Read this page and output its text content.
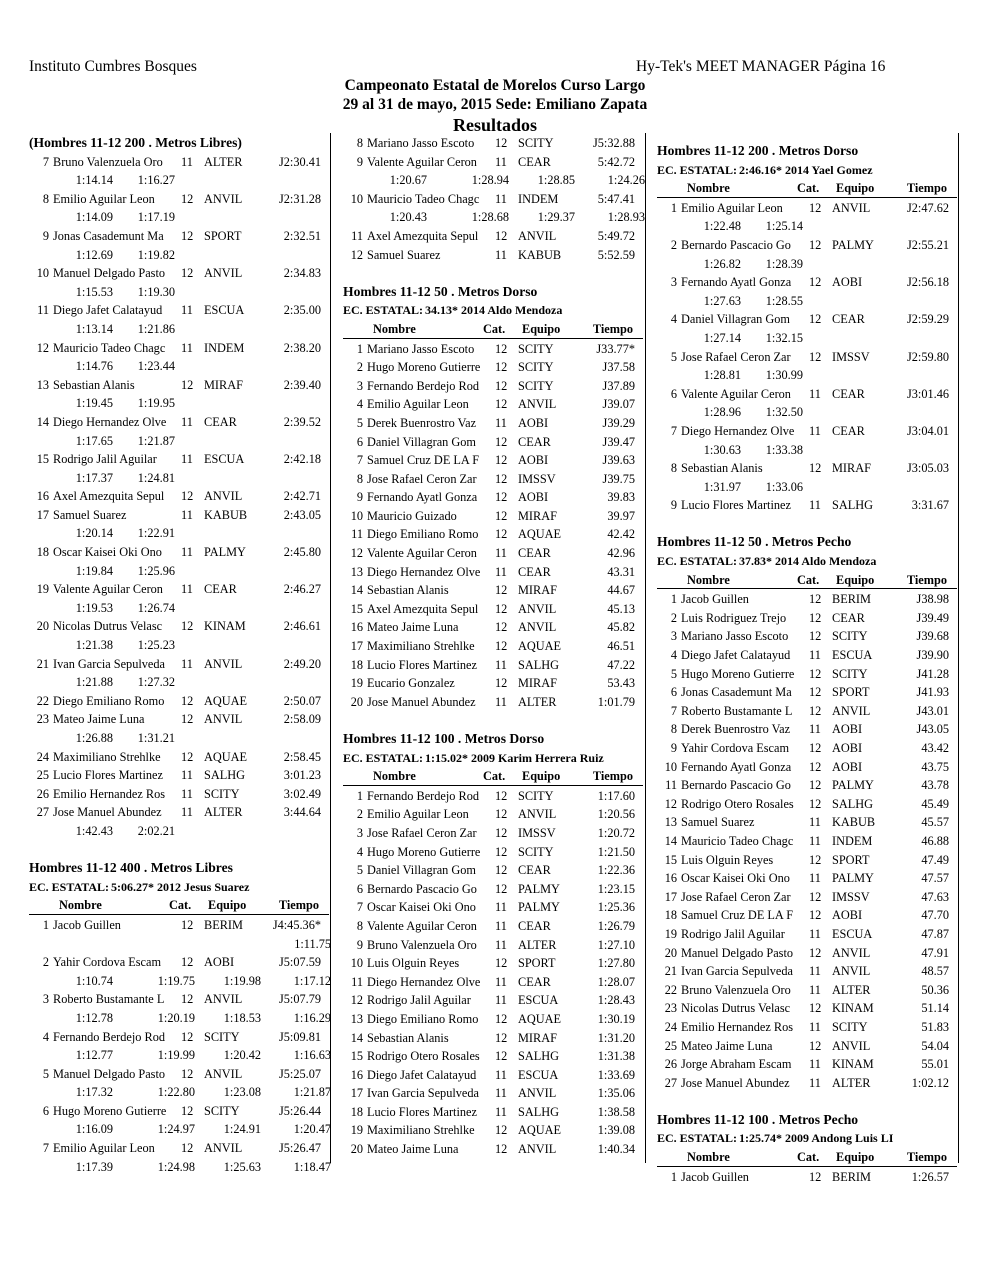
Instituto Cumbres Bosques	Hy-Tek's MEET MANAGER Página 16
Campeonato Estatal de Morelos Curso Largo
29 al 31 de mayo, 2015 Sede: Emiliano Zapata
Resultados
(Hombres 11-12 200 . Metros Libres)
7 Bruno Valenzuela Oro	11 ALTER	J2:30.41
1:14.14 1:16.27
8 Emilio Aguilar Leon	12 ANVIL	J2:31.28
1:14.09 1:17.19
9 Jonas Casademunt Ma	12 SPORT	2:32.51
1:12.69 1:19.82
10 Manuel Delgado Pasto	12 ANVIL	2:34.83
1:15.53 1:19.30
11 Diego Jafet Calatayud	11 ESCUA	2:35.00
1:13.14 1:21.86
12 Mauricio Tadeo Chagc	11 INDEM	2:38.20
1:14.76 1:23.44
13 Sebastian Alanis	12 MIRAF	2:39.40
1:19.45 1:19.95
14 Diego Hernandez Olve	11 CEAR	2:39.52
1:17.65 1:21.87
15 Rodrigo Jalil Aguilar	11 ESCUA	2:42.18
1:17.37 1:24.81
16 Axel Amezquita Sepul	12 ANVIL	2:42.71
17 Samuel Suarez	11 KABUB	2:43.05
1:20.14 1:22.91
18 Oscar Kaisei Oki Ono	11 PALMY	2:45.80
1:19.84 1:25.96
19 Valente Aguilar Ceron	11 CEAR	2:46.27
1:19.53 1:26.74
20 Nicolas Dutrus Velasc	12 KINAM	2:46.61
1:21.38 1:25.23
21 Ivan Garcia Sepulveda	11 ANVIL	2:49.20
1:21.88 1:27.32
22 Diego Emiliano Romo	12 AQUAE	2:50.07
23 Mateo Jaime Luna	12 ANVIL	2:58.09
1:26.88 1:31.21
24 Maximiliano Strehlke	12 AQUAE	2:58.45
25 Lucio Flores Martinez	11 SALHG	3:01.23
26 Emilio Hernandez Ros	11 SCITY	3:02.49
27 Jose Manuel Abundez	11 ALTER	3:44.64
1:42.43 2:02.21
Hombres 11-12 400 . Metros Libres
EC. ESTATAL: 5:06.27* 2012 Jesus Suarez
Nombre	Cat. Equipo	Tiempo
1 Jacob Guillen	12 BERIM J4:45.36*
1:11.75
2 Yahir Cordova Escam	12 AOBI	J5:07.59
1:10.74	1:19.75 1:19.98	1:17.12
3 Roberto Bustamante L	12 ANVIL	J5:07.79
1:12.78	1:20.19 1:18.53	1:16.29
4 Fernando Berdejo Rod	12 SCITY	J5:09.81
1:12.77	1:19.99 1:20.42	1:16.63
5 Manuel Delgado Pasto	12 ANVIL	J5:25.07
1:17.32	1:22.80 1:23.08	1:21.87
6 Hugo Moreno Gutierre	12 SCITY	J5:26.44
1:16.09	1:24.97 1:24.91	1:20.47
7 Emilio Aguilar Leon	12 ANVIL	J5:26.47
1:17.39	1:24.98 1:25.63	1:18.47
8 Mariano Jasso Escoto	12 SCITY	J5:32.88
9 Valente Aguilar Ceron	11 CEAR	5:42.72
1:20.67	1:28.94 1:28.85	1:24.26
10 Mauricio Tadeo Chagc	11 INDEM	5:47.41
1:20.43	1:28.68 1:29.37	1:28.93
11 Axel Amezquita Sepul	12 ANVIL	5:49.72
12 Samuel Suarez	11 KABUB	5:52.59
Hombres 11-12 50 . Metros Dorso
EC. ESTATAL: 34.13* 2014 Aldo Mendoza
Nombre	Cat. Equipo	Tiempo
1 Mariano Jasso Escoto	12 SCITY	J33.77*
2 Hugo Moreno Gutierre	12 SCITY	J37.58
3 Fernando Berdejo Rod	12 SCITY	J37.89
4 Emilio Aguilar Leon	12 ANVIL	J39.07
5 Derek Buenrostro Vaz	11 AOBI	J39.29
6 Daniel Villagran Gom	12 CEAR	J39.47
7 Samuel Cruz DE LA F	12 AOBI	J39.63
8 Jose Rafael Ceron Zar	12 IMSSV	J39.75
9 Fernando Ayatl Gonza	12 AOBI	39.83
10 Mauricio Guizado	12 MIRAF	39.97
11 Diego Emiliano Romo	12 AQUAE	42.42
12 Valente Aguilar Ceron	11 CEAR	42.96
13 Diego Hernandez Olve	11 CEAR	43.31
14 Sebastian Alanis	12 MIRAF	44.67
15 Axel Amezquita Sepul	12 ANVIL	45.13
16 Mateo Jaime Luna	12 ANVIL	45.82
17 Maximiliano Strehlke	12 AQUAE	46.51
18 Lucio Flores Martinez	11 SALHG	47.22
19 Eucario Gonzalez	12 MIRAF	53.43
20 Jose Manuel Abundez	11 ALTER	1:01.79
Hombres 11-12 100 . Metros Dorso
EC. ESTATAL: 1:15.02* 2009 Karim Herrera Ruiz
Nombre	Cat. Equipo	Tiempo
1 Fernando Berdejo Rod	12 SCITY	1:17.60
2 Emilio Aguilar Leon	12 ANVIL	1:20.56
3 Jose Rafael Ceron Zar	12 IMSSV	1:20.72
4 Hugo Moreno Gutierre	12 SCITY	1:21.50
5 Daniel Villagran Gom	12 CEAR	1:22.36
6 Bernardo Pascacio Go	12 PALMY	1:23.15
7 Oscar Kaisei Oki Ono	11 PALMY	1:25.36
8 Valente Aguilar Ceron	11 CEAR	1:26.79
9 Bruno Valenzuela Oro	11 ALTER	1:27.10
10 Luis Olguin Reyes	12 SPORT	1:27.80
11 Diego Hernandez Olve	11 CEAR	1:28.07
12 Rodrigo Jalil Aguilar	11 ESCUA	1:28.43
13 Diego Emiliano Romo	12 AQUAE	1:30.19
14 Sebastian Alanis	12 MIRAF	1:31.20
15 Rodrigo Otero Rosales	12 SALHG	1:31.38
16 Diego Jafet Calatayud	11 ESCUA	1:33.69
17 Ivan Garcia Sepulveda	11 ANVIL	1:35.06
18 Lucio Flores Martinez	11 SALHG	1:38.58
19 Maximiliano Strehlke	12 AQUAE	1:39.08
20 Mateo Jaime Luna	12 ANVIL	1:40.34
Hombres 11-12 200 . Metros Dorso
EC. ESTATAL: 2:46.16* 2014 Yael Gomez
Nombre	Cat. Equipo	Tiempo
1 Emilio Aguilar Leon	12 ANVIL	J2:47.62
1:22.48 1:25.14
2 Bernardo Pascacio Go	12 PALMY	J2:55.21
1:26.82 1:28.39
3 Fernando Ayatl Gonza	12 AOBI	J2:56.18
1:27.63 1:28.55
4 Daniel Villagran Gom	12 CEAR	J2:59.29
1:27.14 1:32.15
5 Jose Rafael Ceron Zar	12 IMSSV	J2:59.80
1:28.81 1:30.99
6 Valente Aguilar Ceron	11 CEAR	J3:01.46
1:28.96 1:32.50
7 Diego Hernandez Olve	11 CEAR	J3:04.01
1:30.63 1:33.38
8 Sebastian Alanis	12 MIRAF	J3:05.03
1:31.97 1:33.06
9 Lucio Flores Martinez	11 SALHG	3:31.67
Hombres 11-12 50 . Metros Pecho
EC. ESTATAL: 37.83* 2014 Aldo Mendoza
Nombre	Cat. Equipo	Tiempo
1 Jacob Guillen	12 BERIM	J38.98
2 Luis Rodriguez Trejo	12 CEAR	J39.49
3 Mariano Jasso Escoto	12 SCITY	J39.68
4 Diego Jafet Calatayud	11 ESCUA	J39.90
5 Hugo Moreno Gutierre	12 SCITY	J41.28
6 Jonas Casademunt Ma	12 SPORT	J41.93
7 Roberto Bustamante L	12 ANVIL	J43.01
8 Derek Buenrostro Vaz	11 AOBI	J43.05
9 Yahir Cordova Escam	12 AOBI	43.42
10 Fernando Ayatl Gonza	12 AOBI	43.75
11 Bernardo Pascacio Go	12 PALMY	43.78
12 Rodrigo Otero Rosales	12 SALHG	45.49
13 Samuel Suarez	11 KABUB	45.57
14 Mauricio Tadeo Chagc	11 INDEM	46.88
15 Luis Olguin Reyes	12 SPORT	47.49
16 Oscar Kaisei Oki Ono	11 PALMY	47.57
17 Jose Rafael Ceron Zar	12 IMSSV	47.63
18 Samuel Cruz DE LA F	12 AOBI	47.70
19 Rodrigo Jalil Aguilar	11 ESCUA	47.87
20 Manuel Delgado Pasto	12 ANVIL	47.91
21 Ivan Garcia Sepulveda	11 ANVIL	48.57
22 Bruno Valenzuela Oro	11 ALTER	50.36
23 Nicolas Dutrus Velasc	12 KINAM	51.14
24 Emilio Hernandez Ros	11 SCITY	51.83
25 Mateo Jaime Luna	12 ANVIL	54.04
26 Jorge Abraham Escam	11 KINAM	55.01
27 Jose Manuel Abundez	11 ALTER	1:02.12
Hombres 11-12 100 . Metros Pecho
EC. ESTATAL: 1:25.74* 2009 Andong Luis LI
Nombre	Cat. Equipo	Tiempo
1 Jacob Guillen	12 BERIM	1:26.57
